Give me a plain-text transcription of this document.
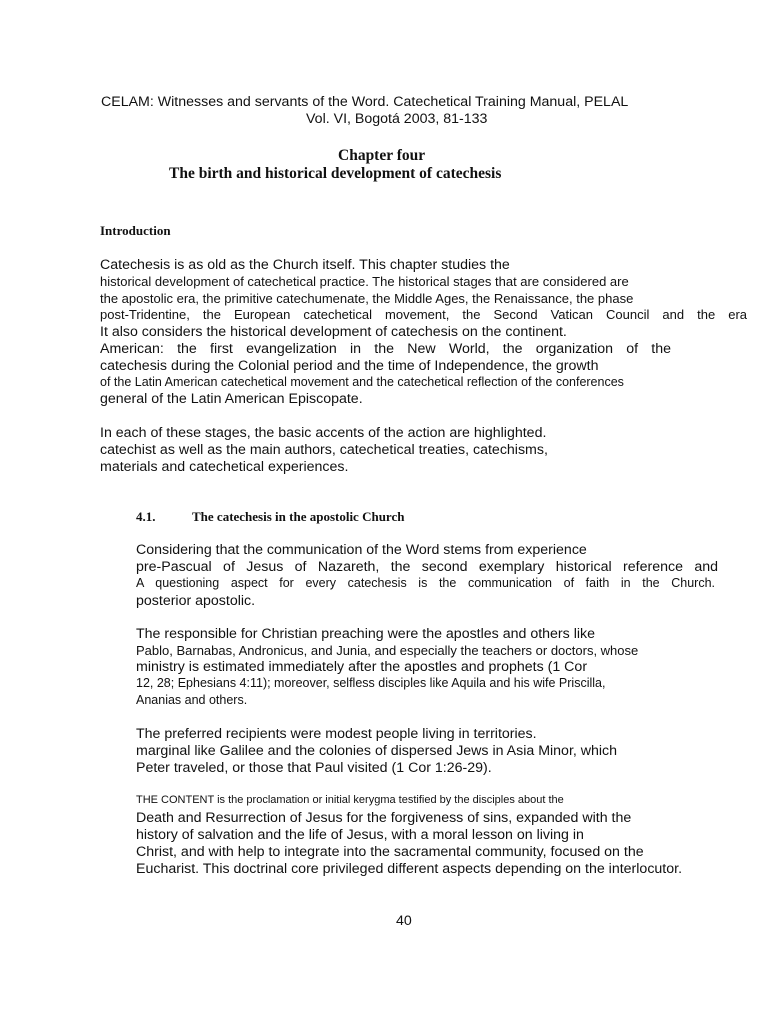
CELAM: Witnesses and servants of the Word. Catechetical Training Manual, PELAL
Vol. VI, Bogotá 2003, 81-133
Chapter four
The birth and historical development of catechesis
Introduction
Catechesis is as old as the Church itself. This chapter studies the
historical development of catechetical practice. The historical stages that are considered are
the apostolic era, the primitive catechumenate, the Middle Ages, the Renaissance, the phase
post-Tridentine, the European catechetical movement, the Second Vatican Council and the era
It also considers the historical development of catechesis on the continent.
American: the first evangelization in the New World, the organization of the
catechesis during the Colonial period and the time of Independence, the growth
of the Latin American catechetical movement and the catechetical reflection of the conferences
general of the Latin American Episcopate.
In each of these stages, the basic accents of the action are highlighted.
catechist as well as the main authors, catechetical treaties, catechisms,
materials and catechetical experiences.
4.1.	The catechesis in the apostolic Church
Considering that the communication of the Word stems from experience
pre-Pascual of Jesus of Nazareth, the second exemplary historical reference and
A questioning aspect for every catechesis is the communication of faith in the Church.
posterior apostolic.
The responsible for Christian preaching were the apostles and others like
Pablo, Barnabas, Andronicus, and Junia, and especially the teachers or doctors, whose
ministry is estimated immediately after the apostles and prophets (1 Cor
12, 28; Ephesians 4:11); moreover, selfless disciples like Aquila and his wife Priscilla,
Ananias and others.
The preferred recipients were modest people living in territories.
marginal like Galilee and the colonies of dispersed Jews in Asia Minor, which
Peter traveled, or those that Paul visited (1 Cor 1:26-29).
THE CONTENT is the proclamation or initial kerygma testified by the disciples about the
Death and Resurrection of Jesus for the forgiveness of sins, expanded with the
history of salvation and the life of Jesus, with a moral lesson on living in
Christ, and with help to integrate into the sacramental community, focused on the
Eucharist. This doctrinal core privileged different aspects depending on the interlocutor.
40
